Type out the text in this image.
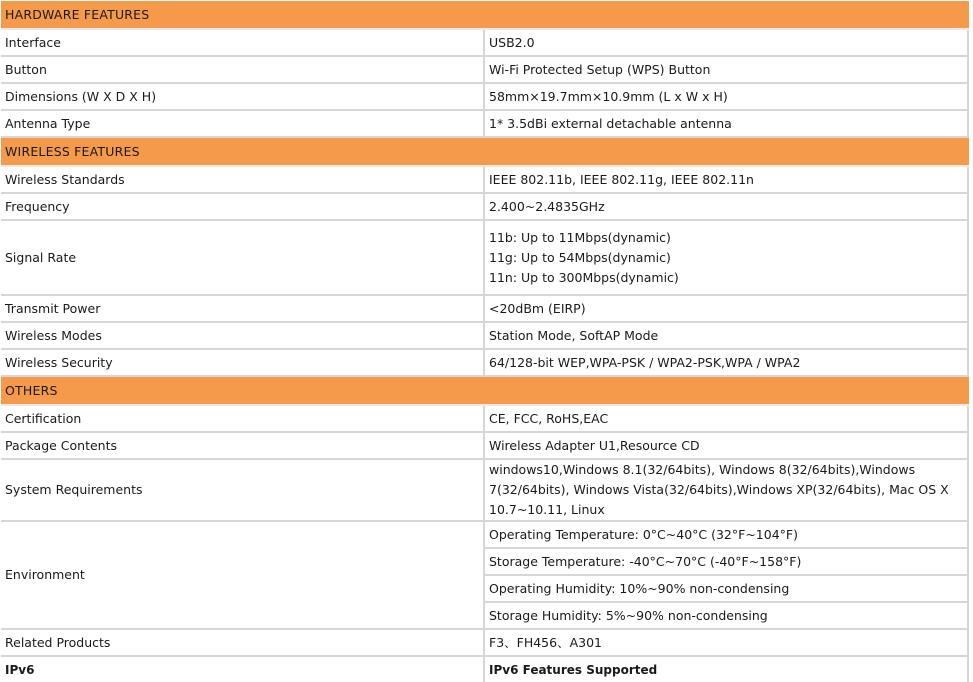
HARDWARE FEATURES	
Interface	USB2.0
Button	Wi-Fi Protected Setup (WPS) Button
Dimensions (W X D X H)	58mm×19.7mm×10.9mm (L x W x H)
Antenna Type	1* 3.5dBi external detachable antenna
WIRELESS FEATURES	
Wireless Standards	IEEE 802.11b, IEEE 802.11g, IEEE 802.11n
Frequency	2.400~2.4835GHz
Signal Rate	11b: Up to 11Mbps(dynamic)
11g: Up to 54Mbps(dynamic)
11n: Up to 300Mbps(dynamic)

Transmit Power	<20dBm (EIRP)
Wireless Modes	Station Mode, SoftAP Mode
Wireless Security	64/128-bit WEP,WPA-PSK / WPA2-PSK,WPA / WPA2
OTHERS	
Certification	CE, FCC, RoHS,EAC
Package Contents	Wireless Adapter U1,Resource CD
System Requirements	windows10,Windows 8.1(32/64bits), Windows 8(32/64bits),Windows 7(32/64bits), Windows Vista(32/64bits),Windows XP(32/64bits), Mac OS X 10.7~10.11, Linux
Environment	Operating Temperature: 0°C~40°C (32°F~104°F)
	Storage Temperature: -40°C~70°C (-40°F~158°F)
	Operating Humidity: 10%~90% non-condensing
	Storage Humidity: 5%~90% non-condensing
Related Products	F3、FH456、A301
IPv6	IPv6 Features Supported
